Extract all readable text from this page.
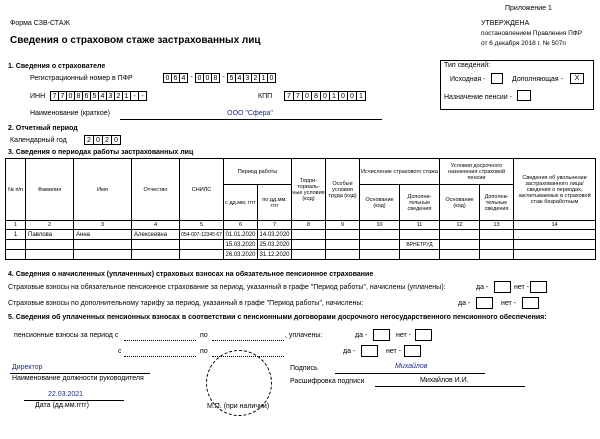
Форма СЗВ-СТАЖ
Приложение 1
УТВЕРЖДЕНА
постановлением Правления ПФР
от 6 декабря 2018 г. № 507п
Сведения о страховом стаже застрахованных лиц
1. Сведения о страхователе
Регистрационный номер в ПФР	0 6 4 - 0 0 8 - 5 4 3 2 1 0
ИНН	7 7 0 8 6 5 4 3 2 1 - -	КПП	7 7 0 8 0 1 0 0 1
Наименование (краткое)	ООО "Сфера"
Тип сведений:
Исходная -	Дополняющая -	X
Назначение пенсии -
2. Отчетный период
Календарный год	2 0 2 0
3. Сведения о периодах работы застрахованных лиц
№ п/п	Фамилия	Имя	Отчество	СНИЛС	Период работы		Терри- ториаль- ные условия (код)	Особые условия труда (код)	Исчисление страхового стажа		Условия досрочного назначения страховой пенсии		Сведения об увольнении застрахованного лица/ сведения о периодах, засчитываемых в страховой стаж безработным
					с дд.мм. гггг	по дд.мм. гггг			Основание (код)	Дополни- тельные сведения	Основание (код)	Дополни- тельные сведения	
1	2	3	4	5	6	7	8	9	10	11	12	13	14
1	Павлова	Анна	Алексеевна	054-007-12345 67	01.01.2020	14.03.2020							
					15.03.2020	25.03.2020				ВРНЕТРУД			
					26.03.2020	31.12.2020							
4. Сведения о начисленных (уплаченных) страховых взносах на обязательное пенсионное страхование
Страховые взносы на обязательное пенсионное страхование за период, указанный в графе "Период работы", начислены (уплачены):	да -	нет -
Страховые взносы по дополнительному тарифу за период, указанный в графе "Период работы", начислены:	да -	нет -
5. Сведения об уплаченных пенсионных взносах в соответствии с пенсионными договорами досрочного негосударственного пенсионного обеспечения:
пенсионные взносы за период с	по	, уплачены:	да -	нет -
с	по	да -	нет -
Директор
Наименование должности руководителя
22.03.2021
Дата (дд.мм.гггг)	М.П. (при наличии)
Подпись	Михайлов
Расшифровка подписи	Михайлов И.И.
